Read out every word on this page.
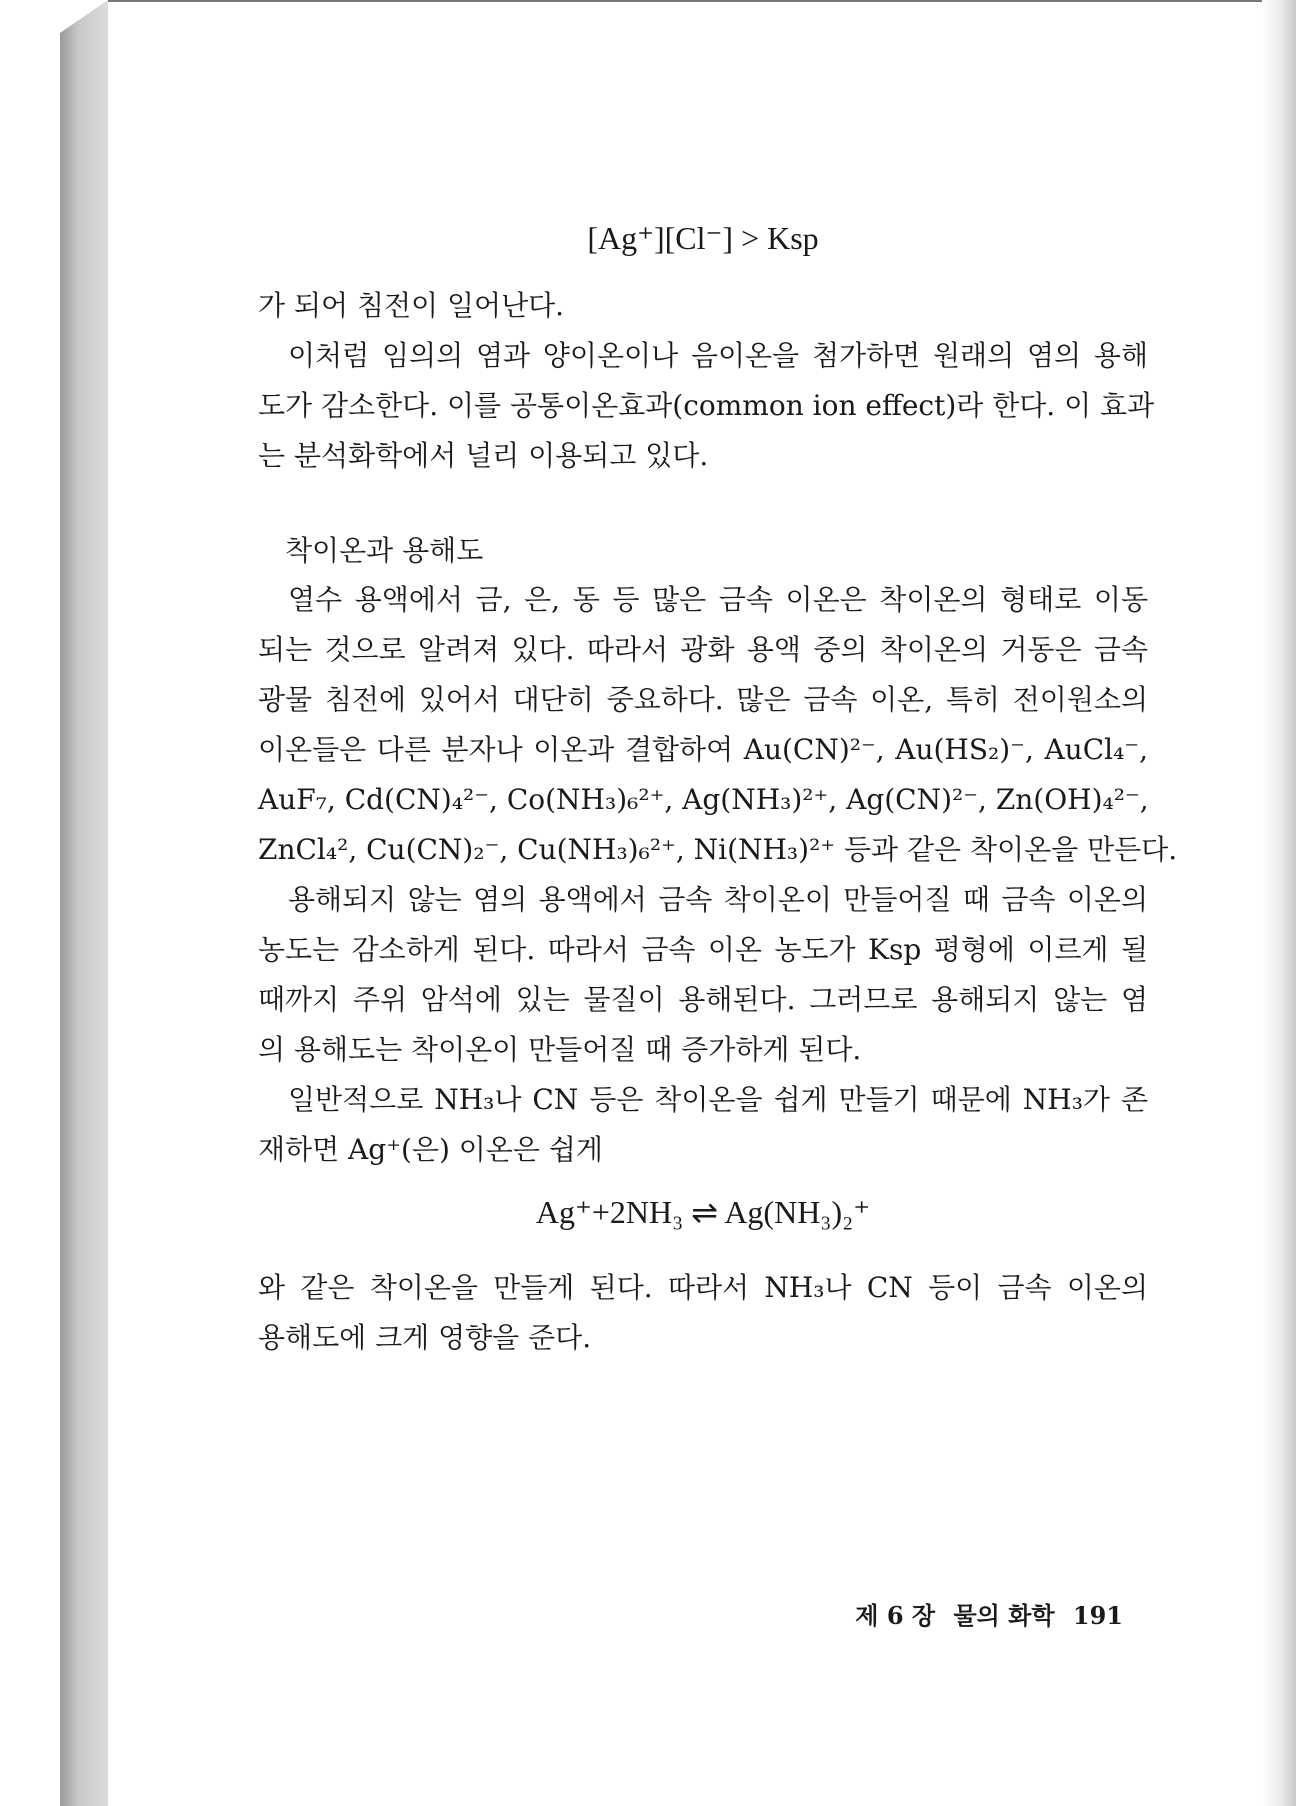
[Ag⁺][Cl⁻] > Ksp
가 되어 침전이 일어난다.
이처럼 임의의 염과 양이온이나 음이온을 첨가하면 원래의 염의 용해
도가 감소한다. 이를 공통이온효과(common ion effect)라 한다. 이 효과
는 분석화학에서 널리 이용되고 있다.
착이온과 용해도
열수 용액에서 금, 은, 동 등 많은 금속 이온은 착이온의 형태로 이동
되는 것으로 알려져 있다. 따라서 광화 용액 중의 착이온의 거동은 금속
광물 침전에 있어서 대단히 중요하다. 많은 금속 이온, 특히 전이원소의
이온들은 다른 분자나 이온과 결합하여 Au(CN)²⁻, Au(HS₂)⁻, AuCl₄⁻,
AuF₇, Cd(CN)₄²⁻, Co(NH₃)₆²⁺, Ag(NH₃)²⁺, Ag(CN)²⁻, Zn(OH)₄²⁻,
ZnCl₄², Cu(CN)₂⁻, Cu(NH₃)₆²⁺, Ni(NH₃)²⁺ 등과 같은 착이온을 만든다.
용해되지 않는 염의 용액에서 금속 착이온이 만들어질 때 금속 이온의
농도는 감소하게 된다. 따라서 금속 이온 농도가 Ksp 평형에 이르게 될
때까지 주위 암석에 있는 물질이 용해된다. 그러므로 용해되지 않는 염
의 용해도는 착이온이 만들어질 때 증가하게 된다.
일반적으로 NH₃나 CN 등은 착이온을 쉽게 만들기 때문에 NH₃가 존
재하면 Ag⁺(은) 이온은 쉽게
Ag⁺+2NH₃ ⇌ Ag(NH₃)₂⁺
와 같은 착이온을 만들게 된다. 따라서 NH₃나 CN 등이 금속 이온의
용해도에 크게 영향을 준다.
제 6 장 물의 화학 191
